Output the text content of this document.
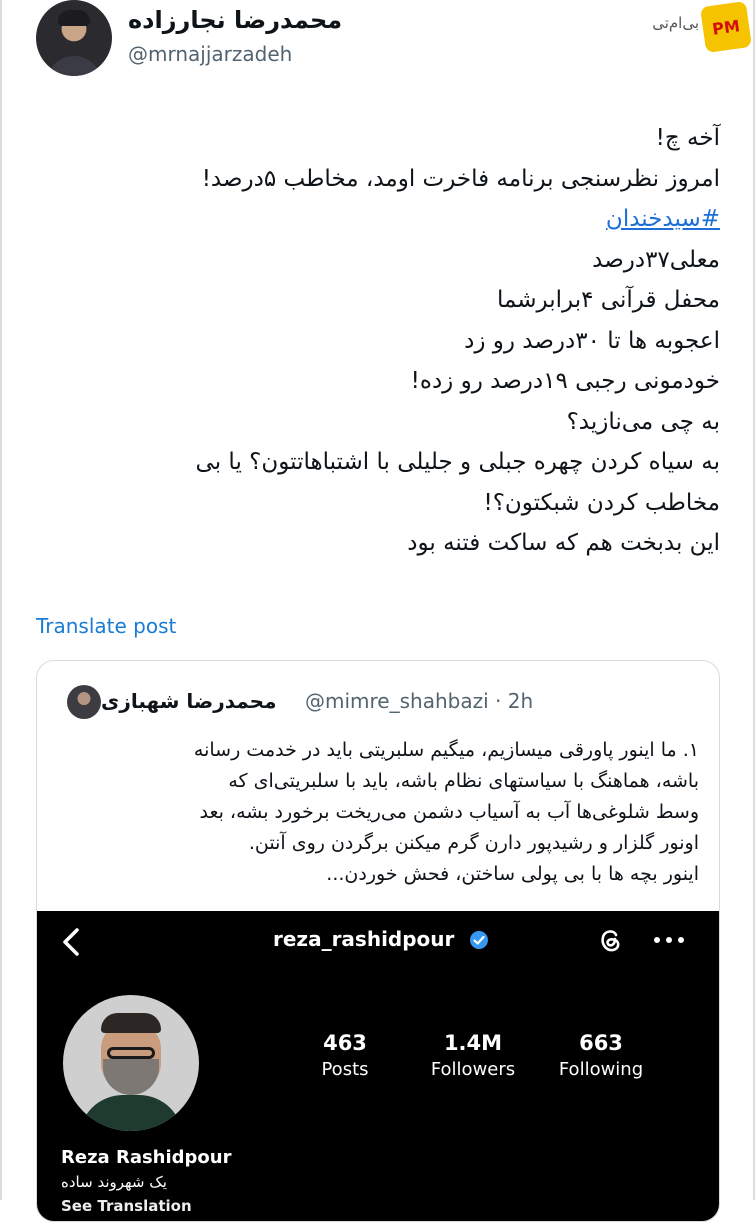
محمدرضا نجارزاده
@mrnajjarzadeh
بی‌ام‌تی PM
آخه چ!
امروز نظرسنجی برنامه فاخرت اومد، مخاطب ۵درصد!
#سیدخندان
معلی۳۷درصد
محفل قرآنی ۴برابرشما
اعجوبه ها تا ۳۰درصد رو زد
خودمونی رجبی ۱۹درصد رو زده!
به چی می‌نازید؟
به سیاه کردن چهره جبلی و جلیلی با اشتباهاتتون؟ یا بی
مخاطب کردن شبکتون؟!
این بدبخت هم که ساکت فتنه بود
Translate post
محمدرضا شهبازی @mimre_shahbazi · 2h
۱. ما اینور پاورقی میسازیم، میگیم سلبریتی باید در خدمت رسانه
باشه، هماهنگ با سیاستهای نظام باشه، باید با سلبریتی‌ای که
وسط شلوغی‌ها آب به آسیاب دشمن می‌ریخت برخورد بشه، بعد
اونور گلزار و رشیدپور دارن گرم میکنن برگردن روی آنتن.
اینور بچه ها با بی پولی ساختن، فحش خوردن...
reza_rashidpour
463
Posts
1.4M
Followers
663
Following
Reza Rashidpour
یک شهروند ساده
See Translation
